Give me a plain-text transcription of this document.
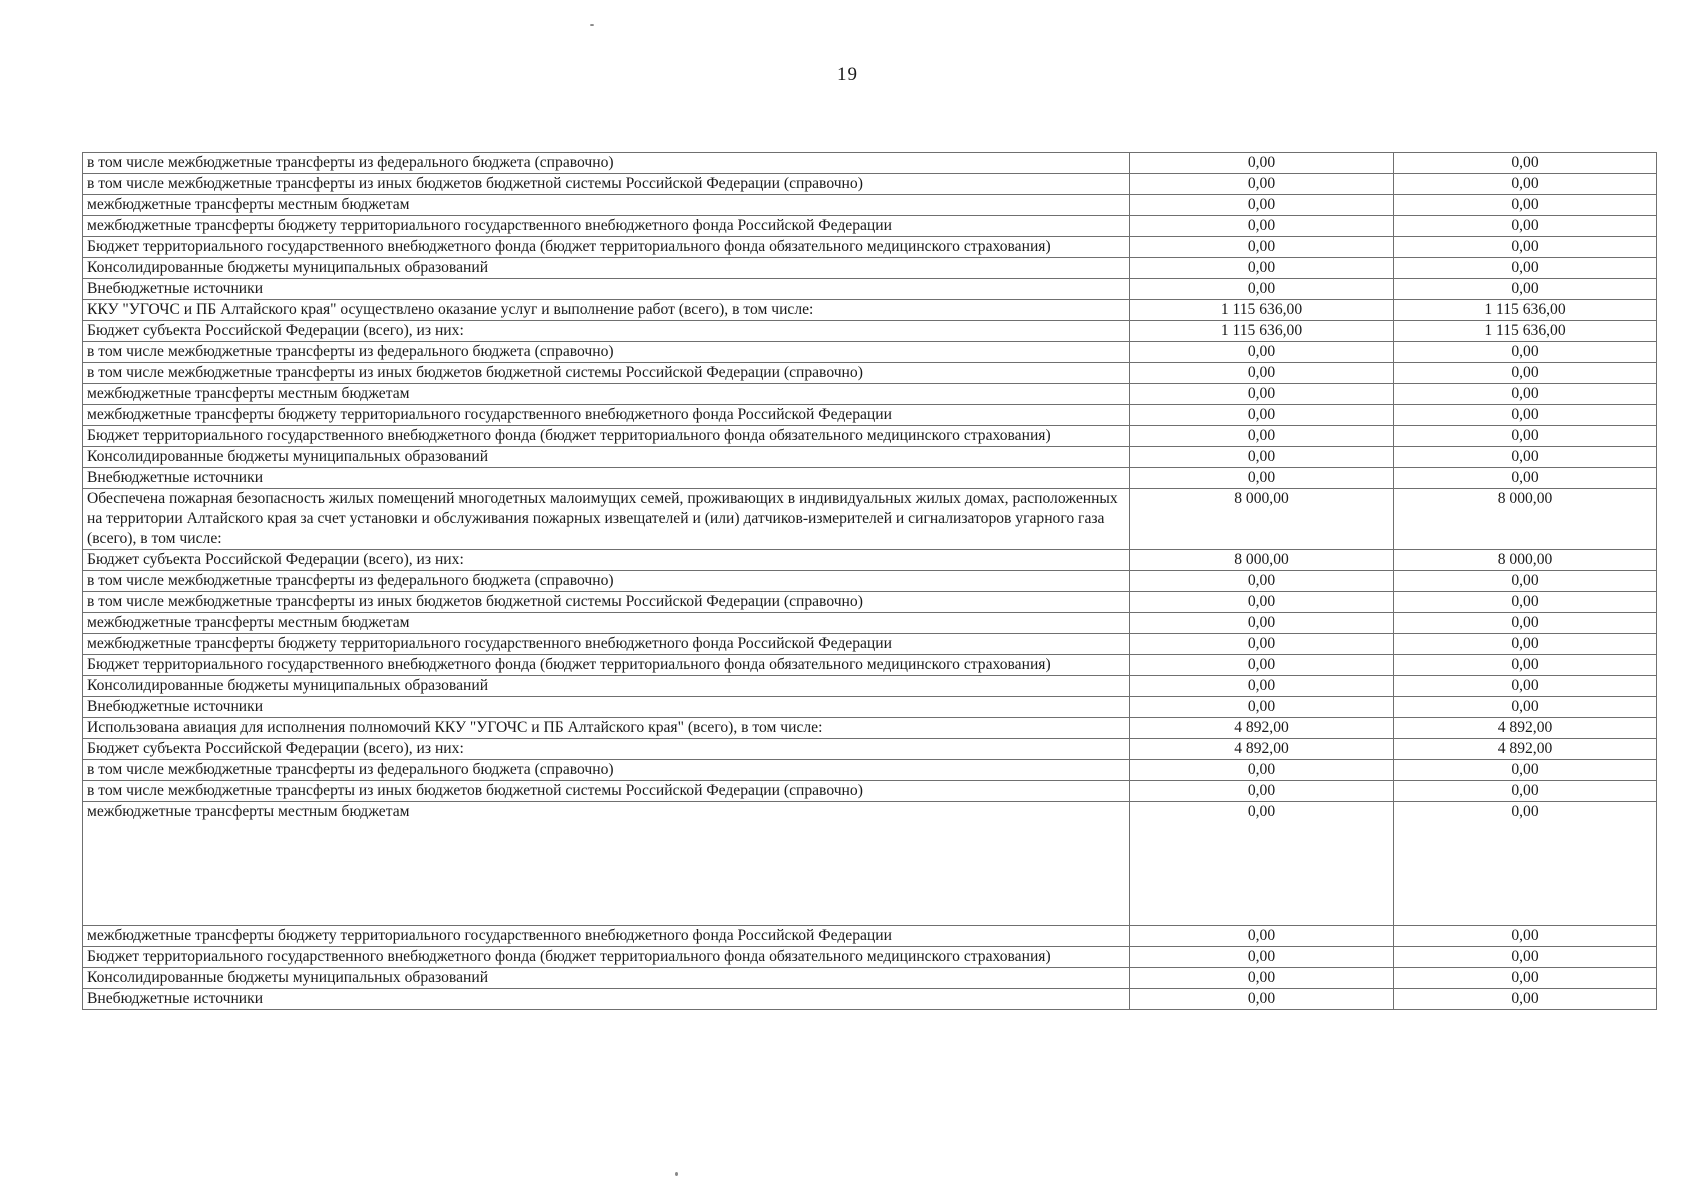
19
в том числе межбюджетные трансферты из федерального бюджета (справочно)	0,00	0,00
в том числе межбюджетные трансферты из иных бюджетов бюджетной системы Российской Федерации (справочно)	0,00	0,00
межбюджетные трансферты местным бюджетам	0,00	0,00
межбюджетные трансферты бюджету территориального государственного внебюджетного фонда Российской Федерации	0,00	0,00
Бюджет территориального государственного внебюджетного фонда (бюджет территориального фонда обязательного медицинского страхования)	0,00	0,00
Консолидированные бюджеты муниципальных образований	0,00	0,00
Внебюджетные источники	0,00	0,00
ККУ "УГОЧС и ПБ Алтайского края" осуществлено оказание услуг и выполнение работ (всего), в том числе:	1 115 636,00	1 115 636,00
Бюджет субъекта Российской Федерации (всего), из них:	1 115 636,00	1 115 636,00
в том числе межбюджетные трансферты из федерального бюджета (справочно)	0,00	0,00
в том числе межбюджетные трансферты из иных бюджетов бюджетной системы Российской Федерации (справочно)	0,00	0,00
межбюджетные трансферты местным бюджетам	0,00	0,00
межбюджетные трансферты бюджету территориального государственного внебюджетного фонда Российской Федерации	0,00	0,00
Бюджет территориального государственного внебюджетного фонда (бюджет территориального фонда обязательного медицинского страхования)	0,00	0,00
Консолидированные бюджеты муниципальных образований	0,00	0,00
Внебюджетные источники	0,00	0,00
Обеспечена пожарная безопасность жилых помещений многодетных малоимущих семей, проживающих в индивидуальных жилых домах, расположенных на территории Алтайского края за счет установки и обслуживания пожарных извещателей и (или) датчиков-измерителей и сигнализаторов угарного газа (всего), в том числе:	8 000,00	8 000,00
Бюджет субъекта Российской Федерации (всего), из них:	8 000,00	8 000,00
в том числе межбюджетные трансферты из федерального бюджета (справочно)	0,00	0,00
в том числе межбюджетные трансферты из иных бюджетов бюджетной системы Российской Федерации (справочно)	0,00	0,00
межбюджетные трансферты местным бюджетам	0,00	0,00
межбюджетные трансферты бюджету территориального государственного внебюджетного фонда Российской Федерации	0,00	0,00
Бюджет территориального государственного внебюджетного фонда (бюджет территориального фонда обязательного медицинского страхования)	0,00	0,00
Консолидированные бюджеты муниципальных образований	0,00	0,00
Внебюджетные источники	0,00	0,00
Использована авиация для исполнения полномочий ККУ "УГОЧС и ПБ Алтайского края" (всего), в том числе:	4 892,00	4 892,00
Бюджет субъекта Российской Федерации (всего), из них:	4 892,00	4 892,00
в том числе межбюджетные трансферты из федерального бюджета (справочно)	0,00	0,00
в том числе межбюджетные трансферты из иных бюджетов бюджетной системы Российской Федерации (справочно)	0,00	0,00
межбюджетные трансферты местным бюджетам	0,00	0,00
межбюджетные трансферты бюджету территориального государственного внебюджетного фонда Российской Федерации	0,00	0,00
Бюджет территориального государственного внебюджетного фонда (бюджет территориального фонда обязательного медицинского страхования)	0,00	0,00
Консолидированные бюджеты муниципальных образований	0,00	0,00
Внебюджетные источники	0,00	0,00
